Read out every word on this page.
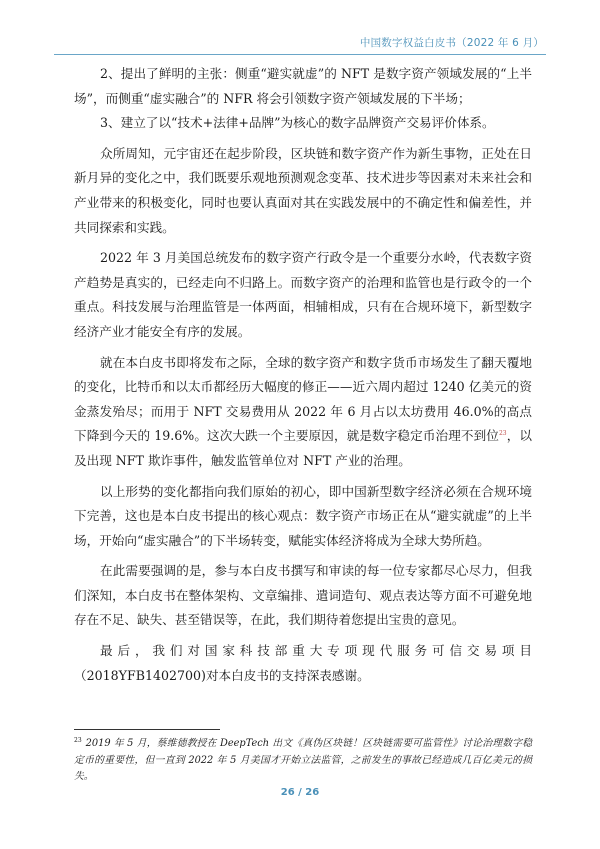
中国数字权益白皮书（2022 年 6 月）

2、提出了鲜明的主张：侧重“避实就虚”的 NFT 是数字资产领域发展的“上半场”，而侧重“虚实融合”的 NFR 将会引领数字资产领域发展的下半场；

3、建立了以“技术+法律+品牌”为核心的数字品牌资产交易评价体系。

众所周知，元宇宙还在起步阶段，区块链和数字资产作为新生事物，正处在日新月异的变化之中，我们既要乐观地预测观念变革、技术进步等因素对未来社会和产业带来的积极变化，同时也要认真面对其在实践发展中的不确定性和偏差性，并共同探索和实践。

2022 年 3 月美国总统发布的数字资产行政令是一个重要分水岭，代表数字资产趋势是真实的，已经走向不归路上。而数字资产的治理和监管也是行政令的一个重点。科技发展与治理监管是一体两面，相辅相成，只有在合规环境下，新型数字经济产业才能安全有序的发展。

就在本白皮书即将发布之际，全球的数字资产和数字货币市场发生了翻天覆地的变化，比特币和以太币都经历大幅度的修正——近六周内超过 1240 亿美元的资金蒸发殆尽；而用于 NFT 交易费用从 2022 年 6 月占以太坊费用 46.0%的高点下降到今天的 19.6%。这次大跌一个主要原因，就是数字稳定币治理不到位$^{23}$，以及出现 NFT 欺诈事件，触发监管单位对 NFT 产业的治理。

以上形势的变化都指向我们原始的初心，即中国新型数字经济必须在合规环境下完善，这也是本白皮书提出的核心观点：数字资产市场正在从“避实就虚”的上半场，开始向“虚实融合”的下半场转变，赋能实体经济将成为全球大势所趋。

在此需要强调的是，参与本白皮书撰写和审读的每一位专家都尽心尽力，但我们深知，本白皮书在整体架构、文章编排、遣词造句、观点表达等方面不可避免地存在不足、缺失、甚至错误等，在此，我们期待着您提出宝贵的意见。

最后，我们对国家科技部重大专项现代服务可信交易项目（2018YFB1402700)对本白皮书的支持深表感谢。

$^{23}$ 2019 年 5 月，蔡维德教授在 DeepTech 出文《真伪区块链！区块链需要可监管性》讨论治理数字稳定币的重要性，但一直到 2022 年 5 月美国才开始立法监管，之前发生的事故已经造成几百亿美元的损失。
26 / 26
